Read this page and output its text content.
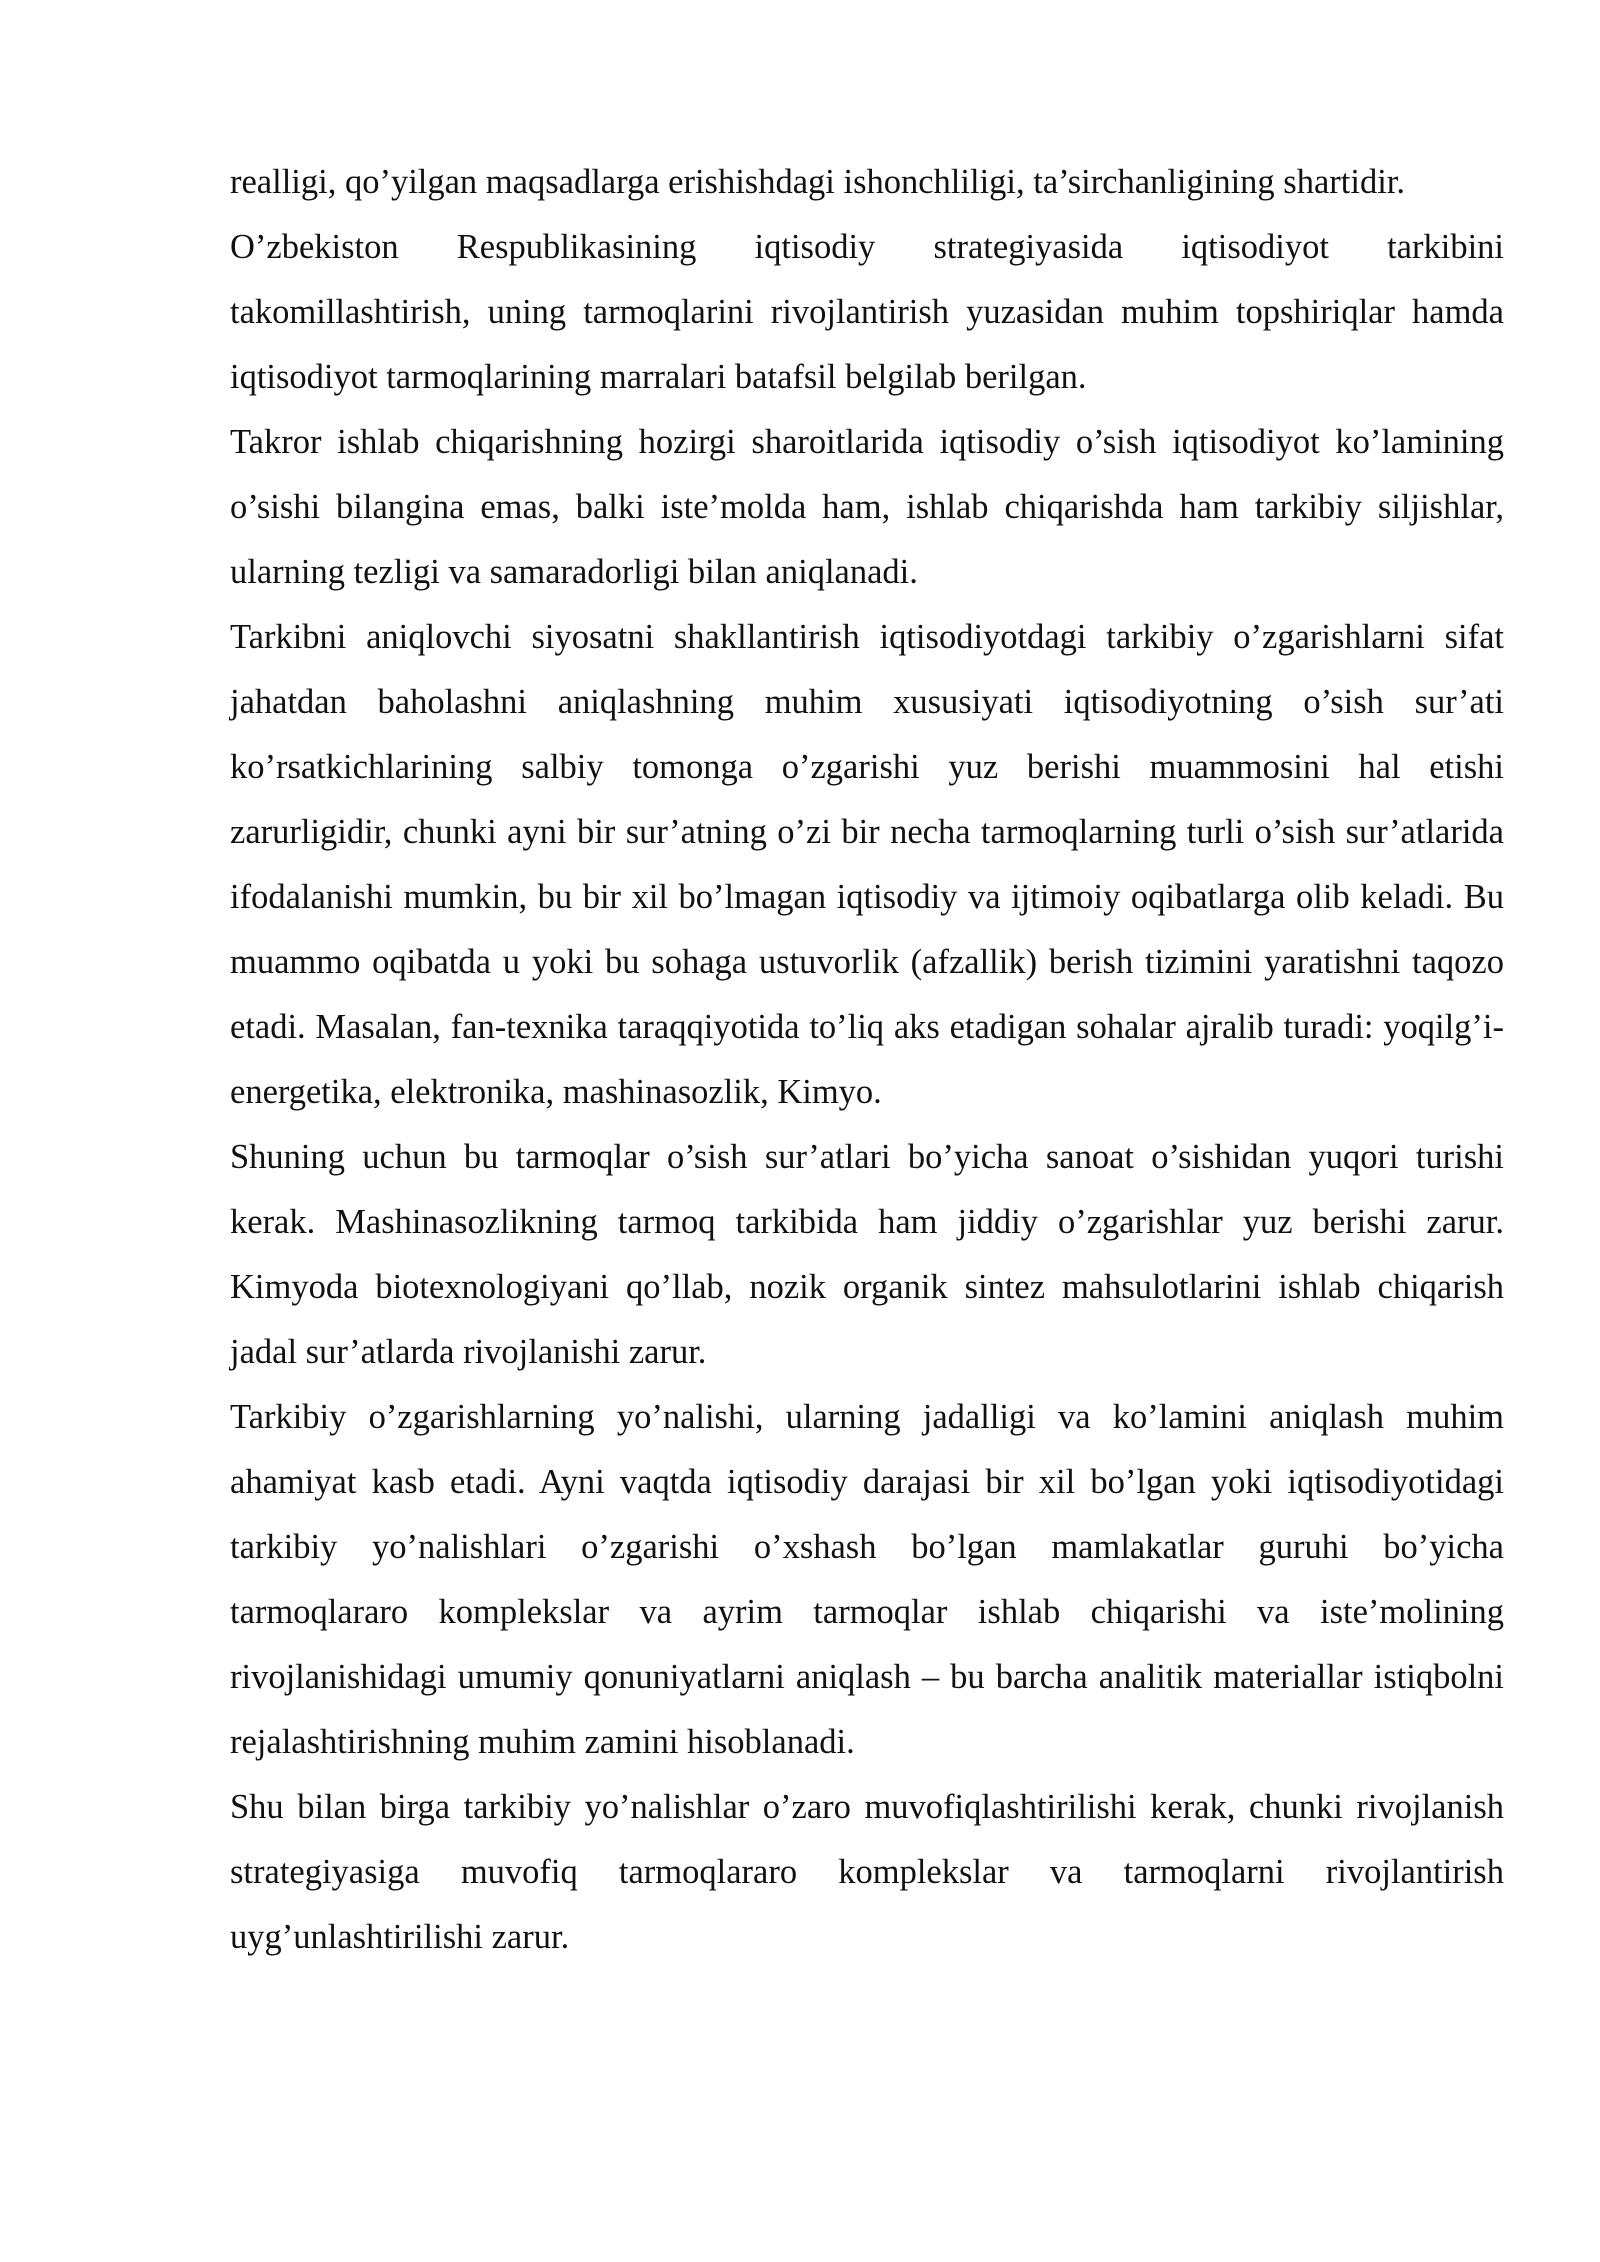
realligi, qo’yilgan maqsadlarga erishishdagi ishonchliligi, ta’sirchanligining shartidir.

O’zbekiston Respublikasining iqtisodiy strategiyasida iqtisodiyot tarkibini takomillashtirish, uning tarmoqlarini rivojlantirish yuzasidan muhim topshiriqlar hamda iqtisodiyot tarmoqlarining marralari batafsil belgilab berilgan.

Takror ishlab chiqarishning hozirgi sharoitlarida iqtisodiy o’sish iqtisodiyot ko’lamining o’sishi bilangina emas, balki iste’molda ham, ishlab chiqarishda ham tarkibiy siljishlar, ularning tezligi va samaradorligi bilan aniqlanadi.

Tarkibni aniqlovchi siyosatni shakllantirish iqtisodiyotdagi tarkibiy o’zgarishlarni sifat jahatdan baholashni aniqlashning muhim xususiyati iqtisodiyotning o’sish sur’ati ko’rsatkichlarining salbiy tomonga o’zgarishi yuz berishi muammosini hal etishi zarurligidir, chunki ayni bir sur’atning o’zi bir necha tarmoqlarning turli o’sish sur’atlarida ifodalanishi mumkin, bu bir xil bo’lmagan iqtisodiy va ijtimoiy oqibatlarga olib keladi. Bu muammo oqibatda u yoki bu sohaga ustuvorlik (afzallik) berish tizimini yaratishni taqozo etadi. Masalan, fan-texnika taraqqiyotida to’liq aks etadigan sohalar ajralib turadi: yoqilg’i-energetika, elektronika, mashinasozlik, Kimyo.

Shuning uchun bu tarmoqlar o’sish sur’atlari bo’yicha sanoat o’sishidan yuqori turishi kerak. Mashinasozlikning tarmoq tarkibida ham jiddiy o’zgarishlar yuz berishi zarur. Kimyoda biotexnologiyani qo’llab, nozik organik sintez mahsulotlarini ishlab chiqarish jadal sur’atlarda rivojlanishi zarur.

Tarkibiy o’zgarishlarning yo’nalishi, ularning jadalligi va ko’lamini aniqlash muhim ahamiyat kasb etadi. Ayni vaqtda iqtisodiy darajasi bir xil bo’lgan yoki iqtisodiyotidagi tarkibiy yo’nalishlari o’zgarishi o’xshash bo’lgan mamlakatlar guruhi bo’yicha tarmoqlararo komplekslar va ayrim tarmoqlar ishlab chiqarishi va iste’molining rivojlanishidagi umumiy qonuniyatlarni aniqlash – bu barcha analitik materiallar istiqbolni rejalashtirishning muhim zamini hisoblanadi.

Shu bilan birga tarkibiy yo’nalishlar o’zaro muvofiqlashtirilishi kerak, chunki rivojlanish strategiyasiga muvofiq tarmoqlararo komplekslar va tarmoqlarni rivojlantirish uyg’unlashtirilishi zarur.
